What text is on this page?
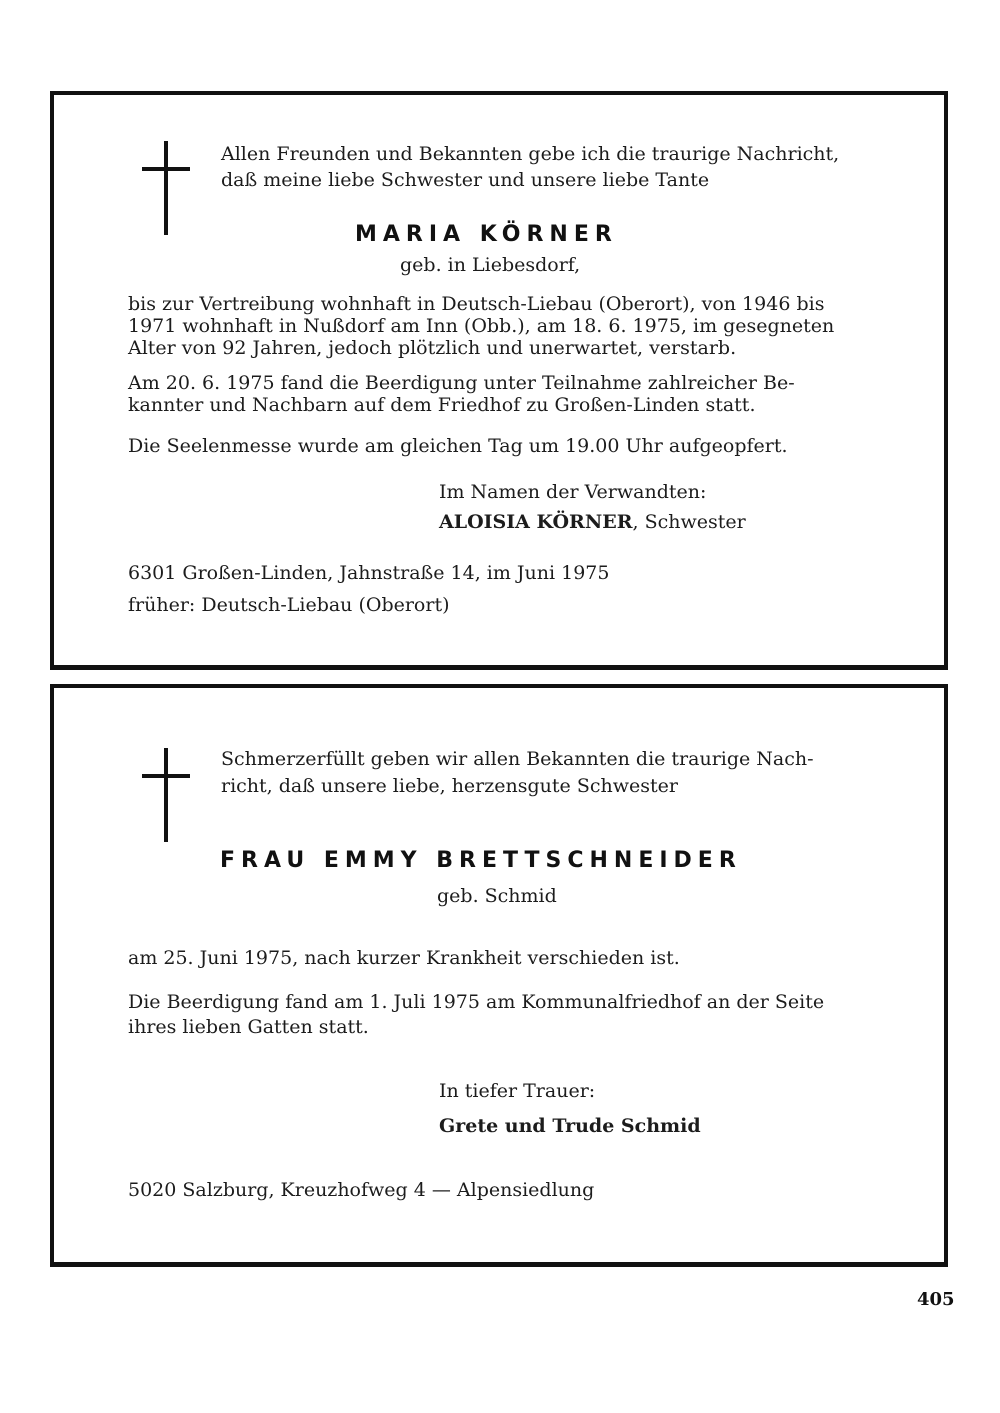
Allen Freunden und Bekannten gebe ich die traurige Nachricht,
daß meine liebe Schwester und unsere liebe Tante
MARIA KÖRNER
geb. in Liebesdorf,
bis zur Vertreibung wohnhaft in Deutsch-Liebau (Oberort), von 1946 bis
1971 wohnhaft in Nußdorf am Inn (Obb.), am 18. 6. 1975, im gesegneten
Alter von 92 Jahren, jedoch plötzlich und unerwartet, verstarb.
Am 20. 6. 1975 fand die Beerdigung unter Teilnahme zahlreicher Be-
kannter und Nachbarn auf dem Friedhof zu Großen-Linden statt.
Die Seelenmesse wurde am gleichen Tag um 19.00 Uhr aufgeopfert.
Im Namen der Verwandten:
ALOISIA KÖRNER, Schwester
6301 Großen-Linden, Jahnstraße 14, im Juni 1975
früher: Deutsch-Liebau (Oberort)
Schmerzerfüllt geben wir allen Bekannten die traurige Nach-
richt, daß unsere liebe, herzensgute Schwester
FRAU EMMY BRETTSCHNEIDER
geb. Schmid
am 25. Juni 1975, nach kurzer Krankheit verschieden ist.
Die Beerdigung fand am 1. Juli 1975 am Kommunalfriedhof an der Seite
ihres lieben Gatten statt.
In tiefer Trauer:
Grete und Trude Schmid
5020 Salzburg, Kreuzhofweg 4 — Alpensiedlung
405
